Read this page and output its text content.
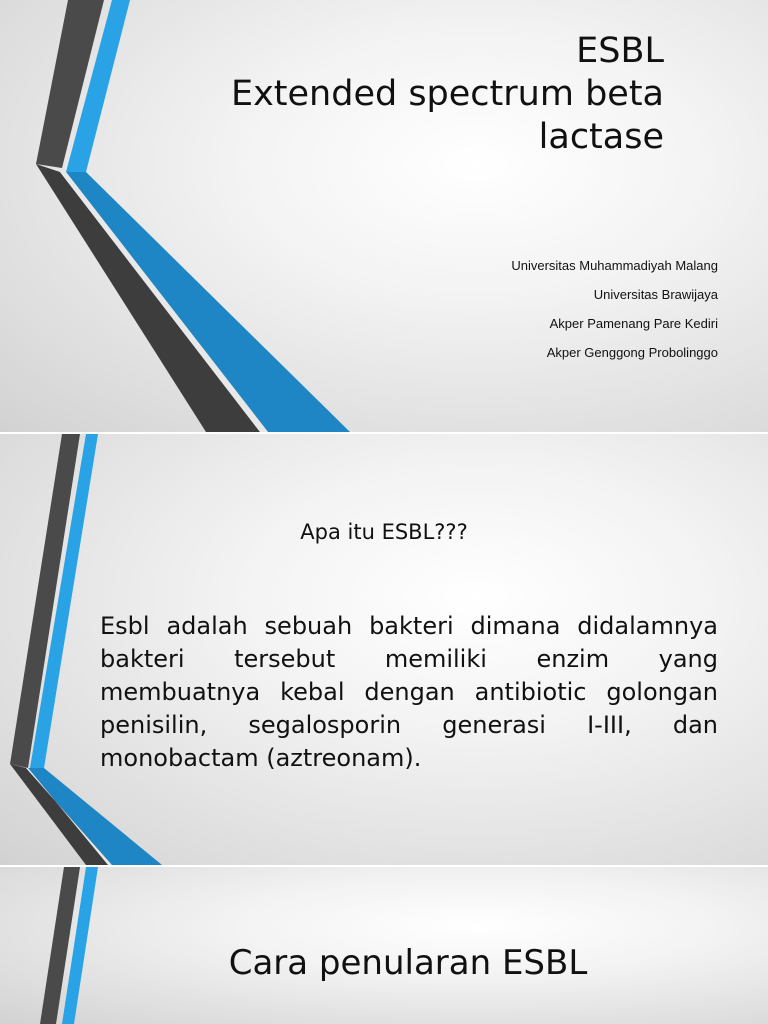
ESBL
Extended spectrum beta
lactase
Universitas Muhammadiyah Malang
Universitas Brawijaya
Akper Pamenang Pare Kediri
Akper Genggong Probolinggo
Apa itu ESBL???
Esbl adalah sebuah bakteri dimana didalamnya bakteri tersebut memiliki enzim yang membuatnya kebal dengan antibiotic golongan penisilin, segalosporin generasi I-III, dan monobactam (aztreonam).
Cara penularan ESBL
